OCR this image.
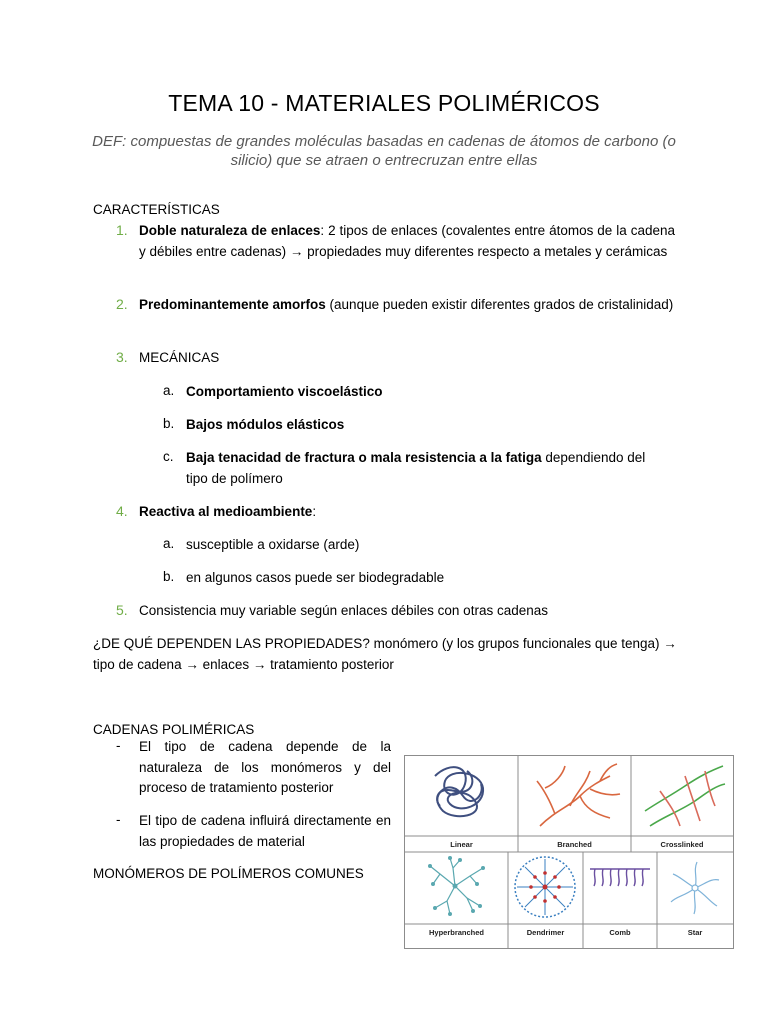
TEMA 10 - MATERIALES POLIMÉRICOS
DEF: compuestas de grandes moléculas basadas en cadenas de átomos de carbono (o silicio) que se atraen o entrecruzan entre ellas
CARACTERÍSTICAS
1. Doble naturaleza de enlaces: 2 tipos de enlaces (covalentes entre átomos de la cadena y débiles entre cadenas) → propiedades muy diferentes respecto a metales y cerámicas
2. Predominantemente amorfos (aunque pueden existir diferentes grados de cristalinidad)
3. MECÁNICAS
a. Comportamiento viscoelástico
b. Bajos módulos elásticos
c. Baja tenacidad de fractura o mala resistencia a la fatiga dependiendo del tipo de polímero
4. Reactiva al medioambiente:
a. susceptible a oxidarse (arde)
b. en algunos casos puede ser biodegradable
5. Consistencia muy variable según enlaces débiles con otras cadenas
¿DE QUÉ DEPENDEN LAS PROPIEDADES? monómero (y los grupos funcionales que tenga) → tipo de cadena → enlaces → tratamiento posterior
CADENAS POLIMÉRICAS
- El tipo de cadena depende de la naturaleza de los monómeros y del proceso de tratamiento posterior
- El tipo de cadena influirá directamente en las propiedades de material
MONÓMEROS DE POLÍMEROS COMUNES
Linear	Branched	Crosslinked
Hyperbranched	Dendrimer	Comb	Star
